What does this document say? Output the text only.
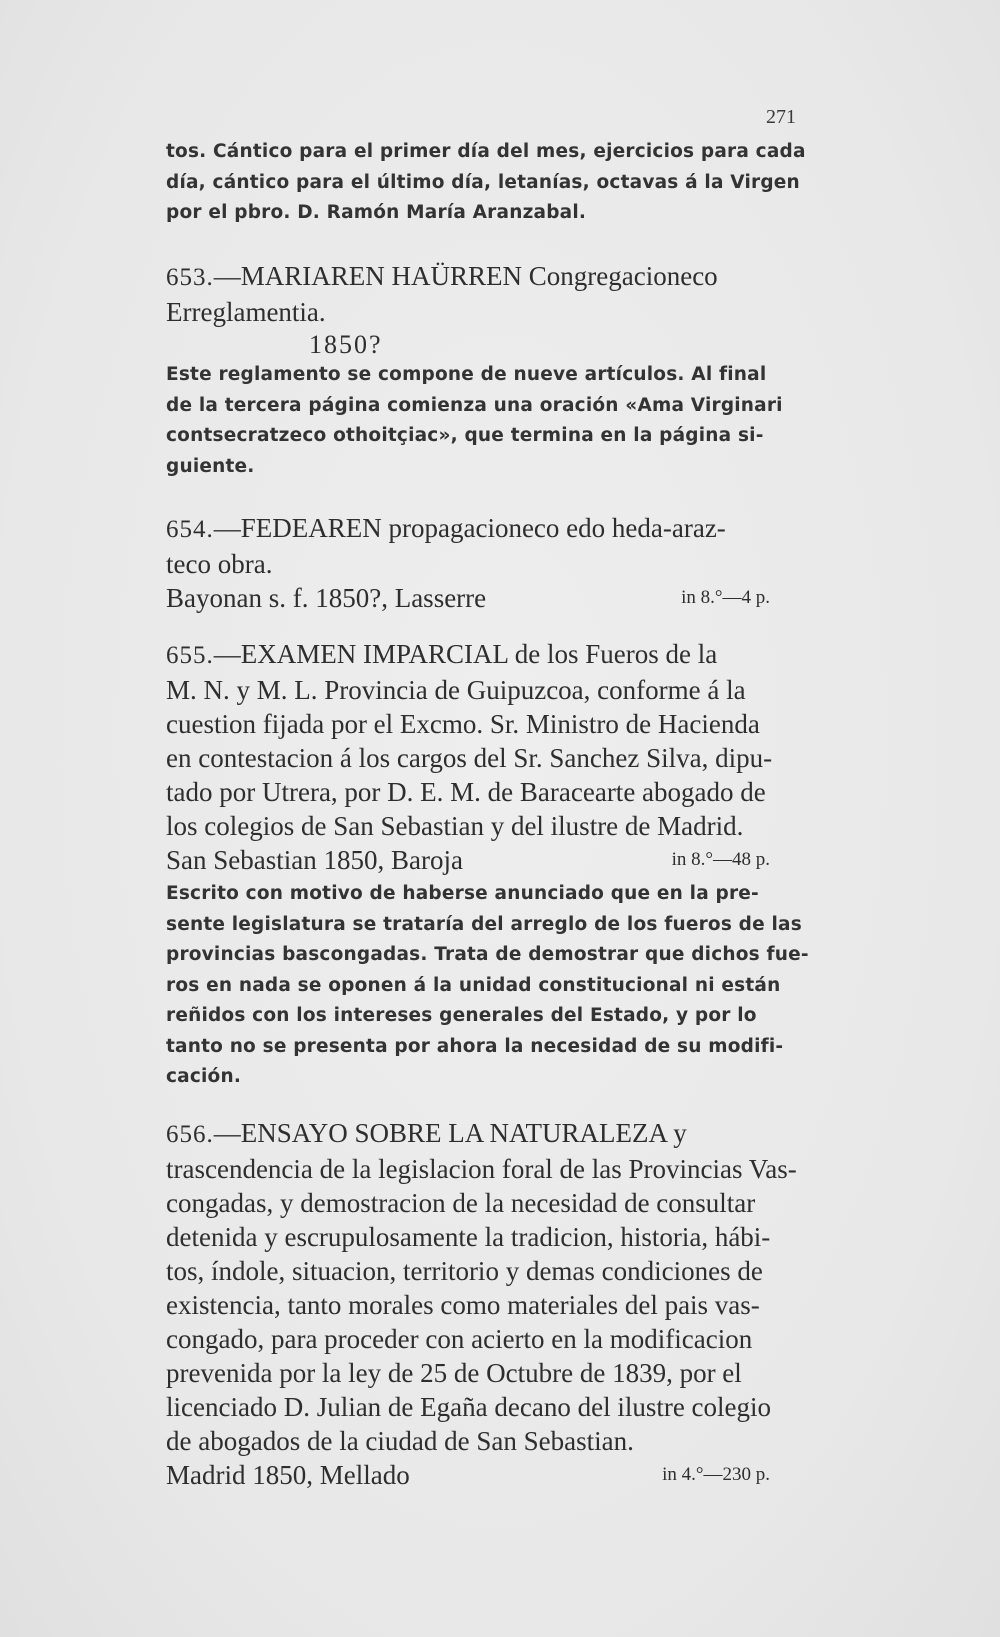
271
tos. Cántico para el primer día del mes, ejercicios para cada
día, cántico para el último día, letanías, octavas á la Virgen
por el pbro. D. Ramón María Aranzabal.
653.—MARIAREN HAÜRREN Congregacioneco
Erreglamentia.
1850?
Este reglamento se compone de nueve artículos. Al final
de la tercera página comienza una oración «Ama Virginari
contsecratzeco othoitçiac», que termina en la página si-
guiente.
654.—FEDEAREN propagacioneco edo heda-araz-
teco obra.
Bayonan s. f. 1850?, Lasserre	in 8.°—4 p.
655.—EXAMEN IMPARCIAL de los Fueros de la
M. N. y M. L. Provincia de Guipuzcoa, conforme á la
cuestion fijada por el Excmo. Sr. Ministro de Hacienda
en contestacion á los cargos del Sr. Sanchez Silva, dipu-
tado por Utrera, por D. E. M. de Baracearte abogado de
los colegios de San Sebastian y del ilustre de Madrid.
San Sebastian 1850, Baroja	in 8.°—48 p.
Escrito con motivo de haberse anunciado que en la pre-
sente legislatura se trataría del arreglo de los fueros de las
provincias bascongadas. Trata de demostrar que dichos fue-
ros en nada se oponen á la unidad constitucional ni están
reñidos con los intereses generales del Estado, y por lo
tanto no se presenta por ahora la necesidad de su modifi-
cación.
656.—ENSAYO SOBRE LA NATURALEZA y
trascendencia de la legislacion foral de las Provincias Vas-
congadas, y demostracion de la necesidad de consultar
detenida y escrupulosamente la tradicion, historia, hábi-
tos, índole, situacion, territorio y demas condiciones de
existencia, tanto morales como materiales del pais vas-
congado, para proceder con acierto en la modificacion
prevenida por la ley de 25 de Octubre de 1839, por el
licenciado D. Julian de Egaña decano del ilustre colegio
de abogados de la ciudad de San Sebastian.
Madrid 1850, Mellado	in 4.°—230 p.
